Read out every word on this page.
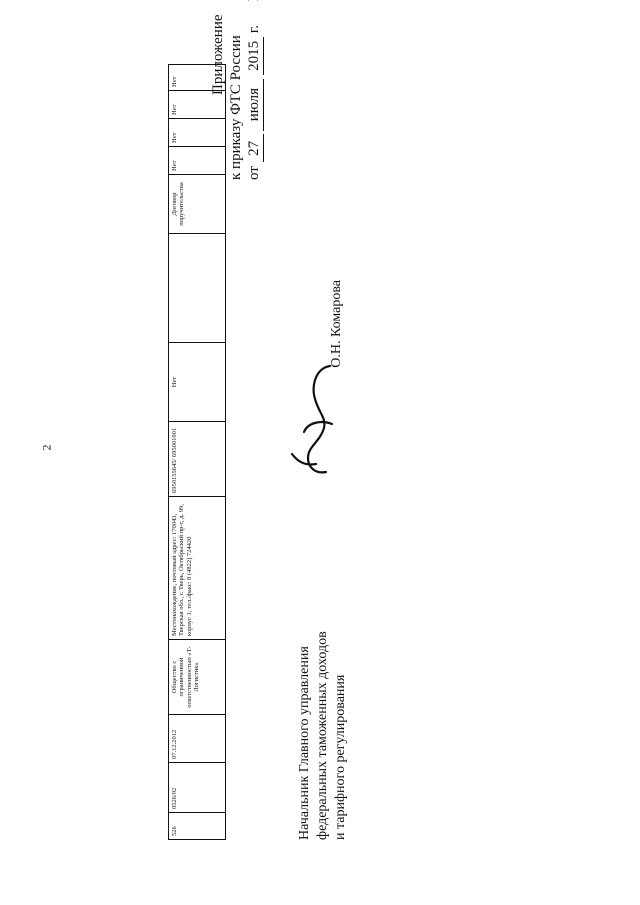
2
Приложение к приказу ФТС России от 27 июля 2015 г.
526	0526/02	07.12.2012	Общество с ограниченной ответственностью «Т-Логистик»	Местонахождение, почтовый адрес: 170043, Тверская обл., г. Тверь, Октябрьский пр-т, д. 99, корпус 1; тел./факс: 8 (4822) 724420	6950155645/ 695001001	Нет		Договор поручительства	Нет	Нет	Нет	Нет
Начальник Главного управления федеральных таможенных доходов и тарифного регулирования
О.Н. Комарова
